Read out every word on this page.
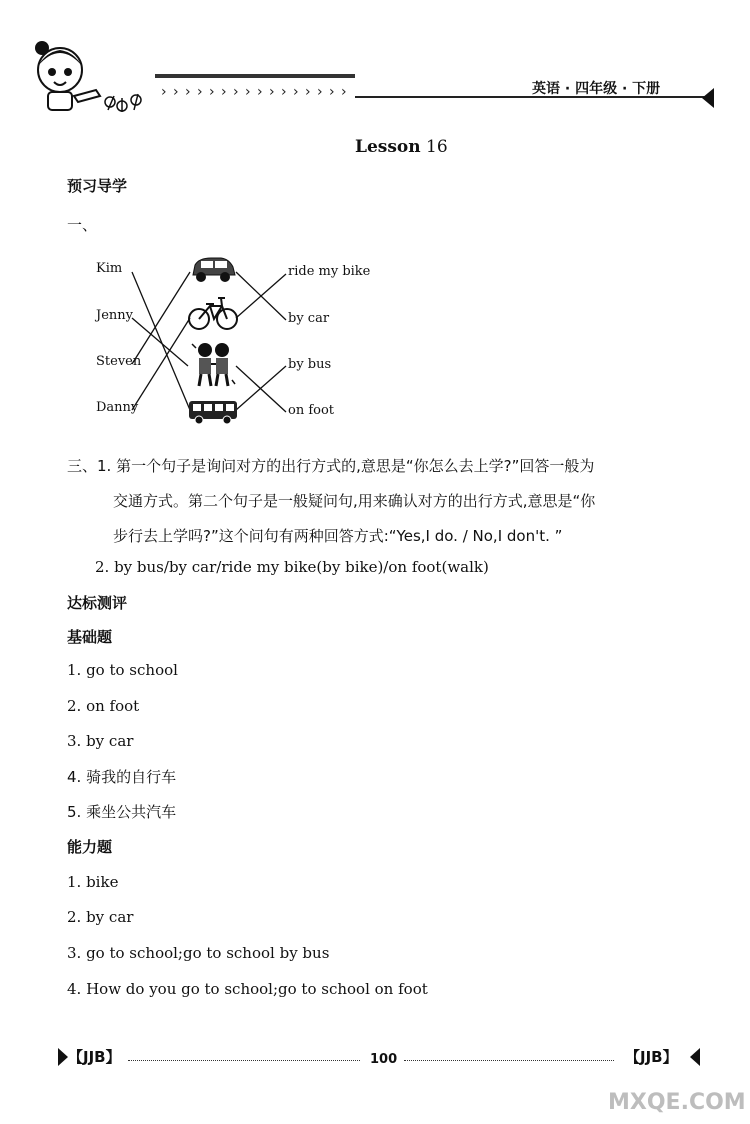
› › › › › › › › › › › › › › › ›	英语 · 四年级 · 下册
Lesson 16
预习导学
一、
Kim
Jenny
Steven
Danny
ride my bike
by car
by bus
on foot
三、1. 第一个句子是询问对方的出行方式的,意思是“你怎么去上学?”回答一般为
交通方式。第二个句子是一般疑问句,用来确认对方的出行方式,意思是“你
步行去上学吗?”这个问句有两种回答方式:“Yes,I do. / No,I don't. ”
2. by bus/by car/ride my bike(by bike)/on foot(walk)
达标测评
基础题
1. go to school
2. on foot
3. by car
4. 骑我的自行车
5. 乘坐公共汽车
能力题
1. bike
2. by car
3. go to school;go to school by bus
4. How do you go to school;go to school on foot
【JJB】	100	【JJB】
MXQE.COM
